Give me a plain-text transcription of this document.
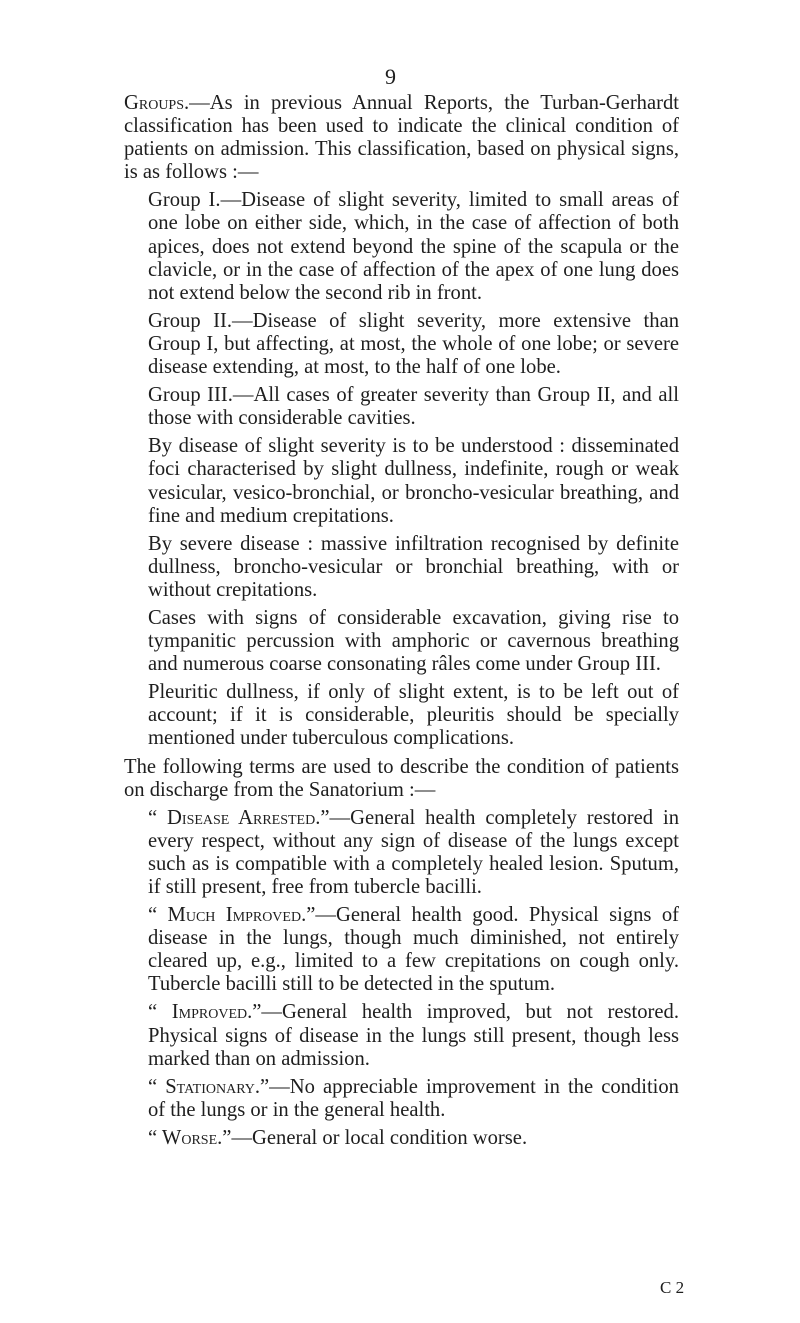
9

Groups.—As in previous Annual Reports, the Turban-Gerhardt classification has been used to indicate the clinical condition of patients on admission. This classification, based on physical signs, is as follows :—

Group I.—Disease of slight severity, limited to small areas of one lobe on either side, which, in the case of affection of both apices, does not extend beyond the spine of the scapula or the clavicle, or in the case of affection of the apex of one lung does not extend below the second rib in front.

Group II.—Disease of slight severity, more extensive than Group I, but affecting, at most, the whole of one lobe; or severe disease extending, at most, to the half of one lobe.

Group III.—All cases of greater severity than Group II, and all those with considerable cavities.

By disease of slight severity is to be understood : disseminated foci characterised by slight dullness, indefinite, rough or weak vesicular, vesico-bronchial, or broncho-vesicular breathing, and fine and medium crepitations.

By severe disease : massive infiltration recognised by definite dullness, broncho-vesicular or bronchial breathing, with or without crepitations.

Cases with signs of considerable excavation, giving rise to tympanitic percussion with amphoric or cavernous breathing and numerous coarse consonating râles come under Group III.

Pleuritic dullness, if only of slight extent, is to be left out of account; if it is considerable, pleuritis should be specially mentioned under tuberculous complications.

The following terms are used to describe the condition of patients on discharge from the Sanatorium :—

“ Disease Arrested.”—General health completely restored in every respect, without any sign of disease of the lungs except such as is compatible with a completely healed lesion. Sputum, if still present, free from tubercle bacilli.

“ Much Improved.”—General health good. Physical signs of disease in the lungs, though much diminished, not entirely cleared up, e.g., limited to a few crepitations on cough only. Tubercle bacilli still to be detected in the sputum.

“ Improved.”—General health improved, but not restored. Physical signs of disease in the lungs still present, though less marked than on admission.

“ Stationary.”—No appreciable improvement in the condition of the lungs or in the general health.

“ Worse.”—General or local condition worse.

C 2
